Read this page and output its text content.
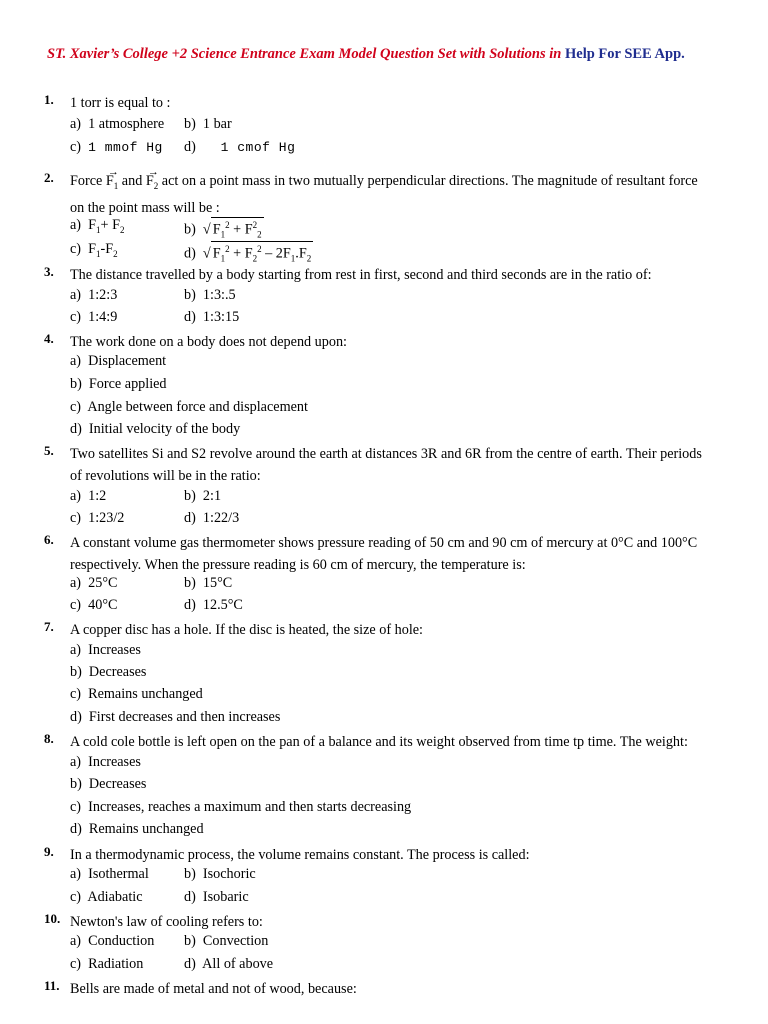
ST. Xavier’s College +2 Science Entrance Exam Model Question Set with Solutions in Help For SEE App.
1.	1 torr is equal to :
a) 1 atmosphere b) 1 bar
c) 1 mmof Hg d) 1 cmof Hg
2.	Force → $F_1$ and → $F_2$ act on a point mass in two mutually perpendicular directions. The magnitude of resultant force
on the point mass will be :
a)  $F_1+ F_2$	b)  √ $F_1^2 + F^2_2$
c)  $F_1-F_2$	d)  √ $F_1^2 + F_2^2 - 2F_1.F_2$
3.	The distance travelled by a body starting from rest in first, second and third seconds are in the ratio of:
a) 1:2:3	b) 1:3:.5
c) 1:4:9	d) 1:3:15
4.	The work done on a body does not depend upon:
a) Displacement
b) Force applied
c) Angle between force and displacement
d) Initial velocity of the body
5.	Two satellites Si and S2 revolve around the earth at distances 3R and 6R from the centre of earth. Their periods
of revolutions will be in the ratio:
a) 1:2	b) 2:1
c) 1:23/2	d) 1:22/3
6.	A constant volume gas thermometer shows pressure reading of 50 cm and 90 cm of mercury at 0°C and 100°C
respectively. When the pressure reading is 60 cm of mercury, the temperature is:
a) 25°C	b) 15°C
c) 40°C	d) 12.5°C
7.	A copper disc has a hole. If the disc is heated, the size of hole:
a) Increases
b) Decreases
c) Remains unchanged
d) First decreases and then increases
8.	A cold cole bottle is left open on the pan of a balance and its weight observed from time tp time. The weight:
a) Increases
b) Decreases
c) Increases, reaches a maximum and then starts decreasing
d) Remains unchanged
9.	In a thermodynamic process, the volume remains constant. The process is called:
a) Isothermal b) Isochoric
c) Adiabatic	d) Isobaric
10. Newton's law of cooling refers to:
a) Conduction b) Convection
c) Radiation	d) All of above
11. Bells are made of metal and not of wood, because:
